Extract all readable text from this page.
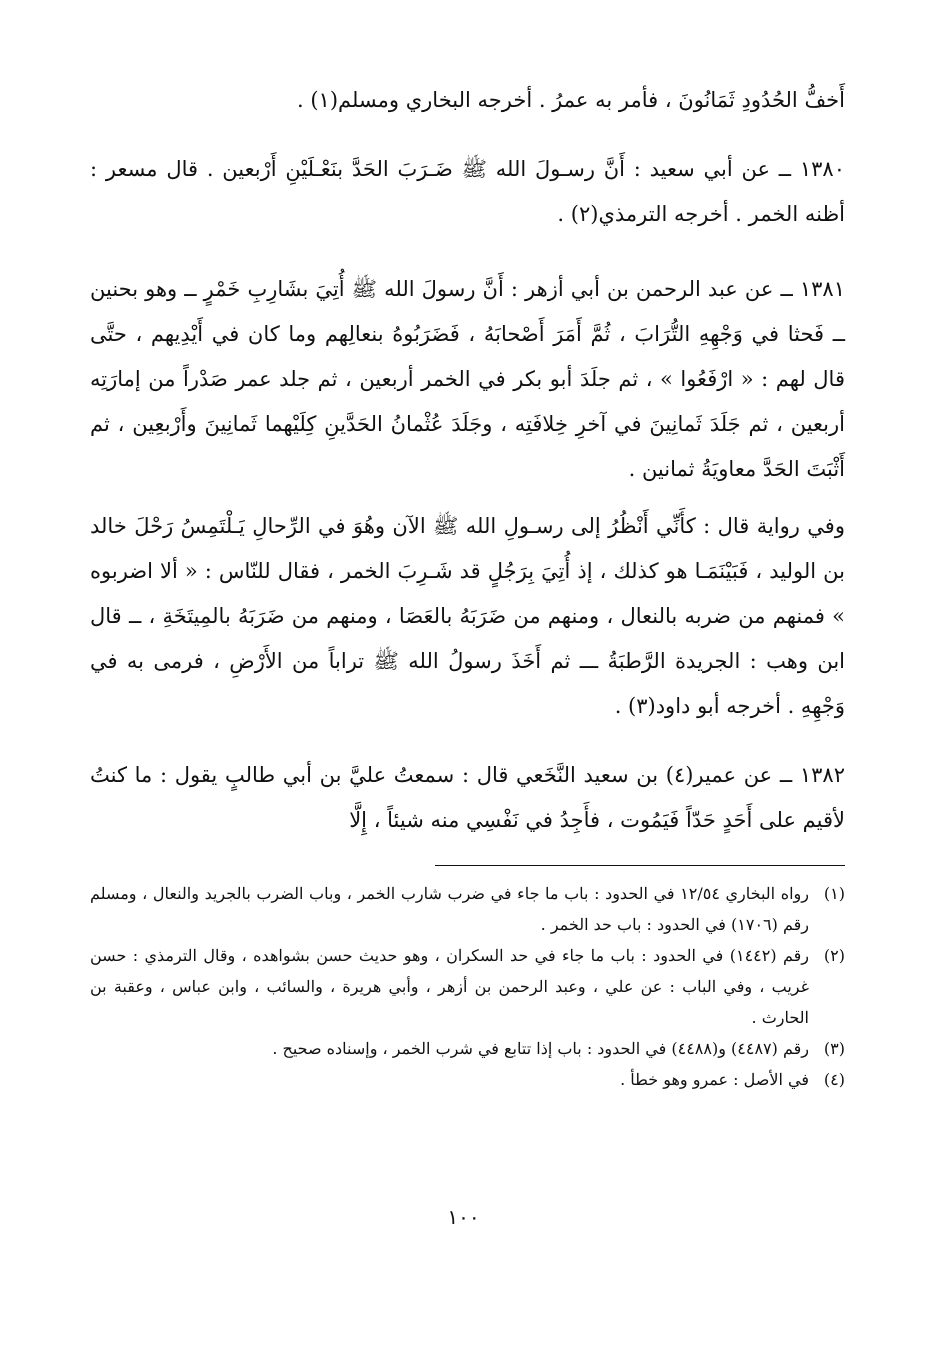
أَخفُّ الحُدُودِ ثَمَانُونَ ، فأمر به عمرُ . أخرجه البخاري ومسلم(١) .

١٣٨٠ ــ عن أبي سعيد : أَنَّ رسـولَ الله ﷺ ضَـرَبَ الحَدَّ بنَعْـلَيْنِ أَرْبعين . قال مسعر : أظنه الخمر . أخرجه الترمذي(٢) .

١٣٨١ ــ عن عبد الرحمن بن أبي أزهر : أَنَّ رسولَ الله ﷺ أُتِيَ بشَارِبِ خَمْرٍ ــ وهو بحنين ــ فَحثا في وَجْهِهِ التُّرَابَ ، ثُمَّ أَمَرَ أَصْحابَهُ ، فَضَرَبُوهُ بنعالِهم وما كان في أَيْدِيهم ، حتَّى قال لهم : « ارْفَعُوا » ، ثم جلَدَ أبو بكر في الخمر أربعين ، ثم جلد عمر صَدْراً من إمارَتِه أربعين ، ثم جَلَدَ ثَمانِينَ في آخرِ خِلافَتِه ، وجَلَدَ عُثْمانُ الحَدَّينِ كِلَيْهما ثَمانِينَ وأَرْبعِين ، ثم أَثْبَتَ الحَدَّ معاويَةُ ثمانين .

وفي رواية قال : كأَنِّي أَنْظُرُ إلى رسـولِ الله ﷺ الآن وهُوَ في الرِّحالِ يَـلْتَمِسُ رَحْلَ خالد بن الوليد ، فَبَيْنَمَـا هو كذلك ، إذ أُتِيَ بِرَجُلٍ قد شَـرِبَ الخمر ، فقال للنّاس : « ألا اضربوه » فمنهم من ضربه بالنعال ، ومنهم من ضَرَبَهُ بالعَصَا ، ومنهم من ضَرَبَهُ بالمِيتَخَةِ ، ــ قال ابن وهب : الجريدة الرَّطبَةُ ـــ ثم أَخَذَ رسولُ الله ﷺ تراباً من الأَرْضِ ، فرمى به في وَجْهِهِ . أخرجه أبو داود(٣) .

١٣٨٢ ــ عن عمير(٤) بن سعيد النَّخَعي قال : سمعتُ عليَّ بن أبي طالبٍ يقول : ما كنتُ لأقيم على أَحَدٍ حَدّاً فَيَمُوت ، فأَجِدُ في نَفْسِي منه شيئاً ، إِلَّا

(١)
رواه البخاري ١٢/٥٤ في الحدود : باب ما جاء في ضرب شارب الخمر ، وباب الضرب بالجريد والنعال ، ومسلم رقم (١٧٠٦) في الحدود : باب حد الخمر .
(٢)
رقم (١٤٤٢) في الحدود : باب ما جاء في حد السكران ، وهو حديث حسن بشواهده ، وقال الترمذي : حسن غريب ، وفي الباب : عن علي ، وعبد الرحمن بن أزهر ، وأبي هريرة ، والسائب ، وابن عباس ، وعقبة بن الحارث .
(٣)
رقم (٤٤٨٧) و(٤٤٨٨) في الحدود : باب إذا تتابع في شرب الخمر ، وإسناده صحيح .
(٤)
في الأصل : عمرو وهو خطأ .
١٠٠
